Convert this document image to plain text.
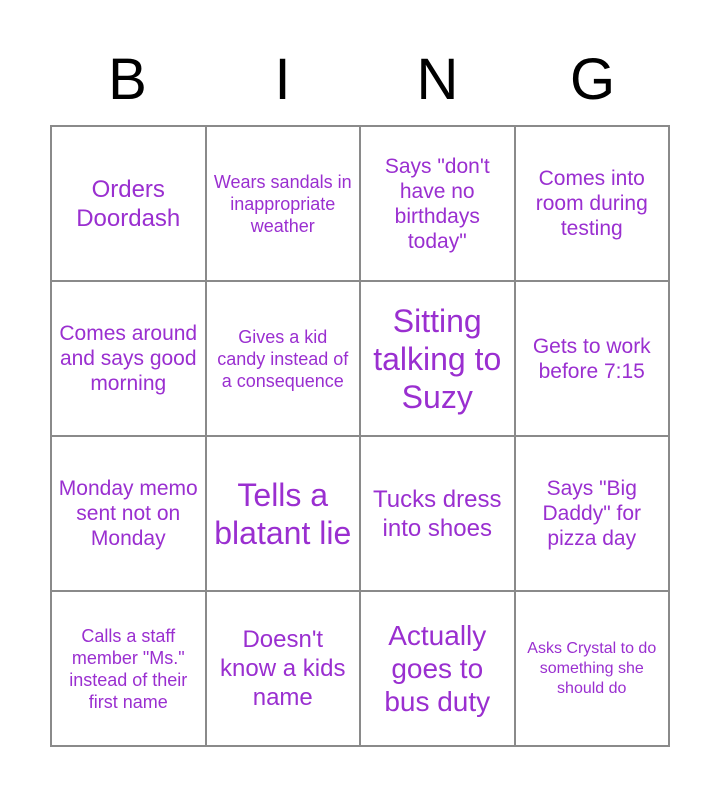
B	I	N	G
Orders Doordash
Wears sandals in inappropriate weather
Says "don't have no birthdays today"
Comes into room during testing
Comes around and says good morning
Gives a kid candy instead of a consequence
Sitting talking to Suzy
Gets to work before 7:15
Monday memo sent not on Monday
Tells a blatant lie
Tucks dress into shoes
Says "Big Daddy" for pizza day
Calls a staff member "Ms." instead of their first name
Doesn't know a kids name
Actually goes to bus duty
Asks Crystal to do something she should do
